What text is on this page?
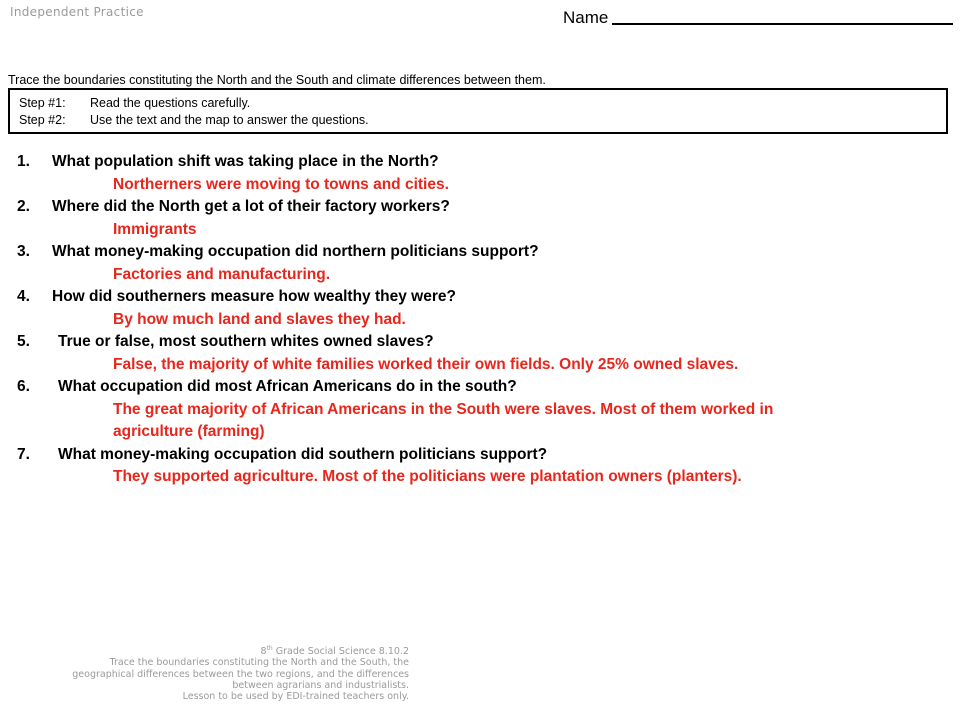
Independent Practice	Name
Trace the boundaries constituting the North and the South and climate differences between them.
Step #1:	Read the questions carefully.
Step #2:	Use the text and the map to answer the questions.
1.	What population shift was taking place in the North?
Northerners were moving to towns and cities.
2.	Where did the North get a lot of their factory workers?
Immigrants
3.	What money-making occupation did northern politicians support?
Factories and manufacturing.
4.	How did southerners measure how wealthy they were?
By how much land and slaves they had.
5.	True or false, most southern whites owned slaves?
False, the majority of white families worked their own fields. Only 25% owned slaves.
6.	What occupation did most African Americans do in the south?
The great majority of African Americans in the South were slaves. Most of them worked in
agriculture (farming)
7.	What money-making occupation did southern politicians support?
They supported agriculture. Most of the politicians were plantation owners (planters).
8th Grade Social Science 8.10.2
Trace the boundaries constituting the North and the South, the
geographical differences between the two regions, and the differences
between agrarians and industrialists.
Lesson to be used by EDI-trained teachers only.
